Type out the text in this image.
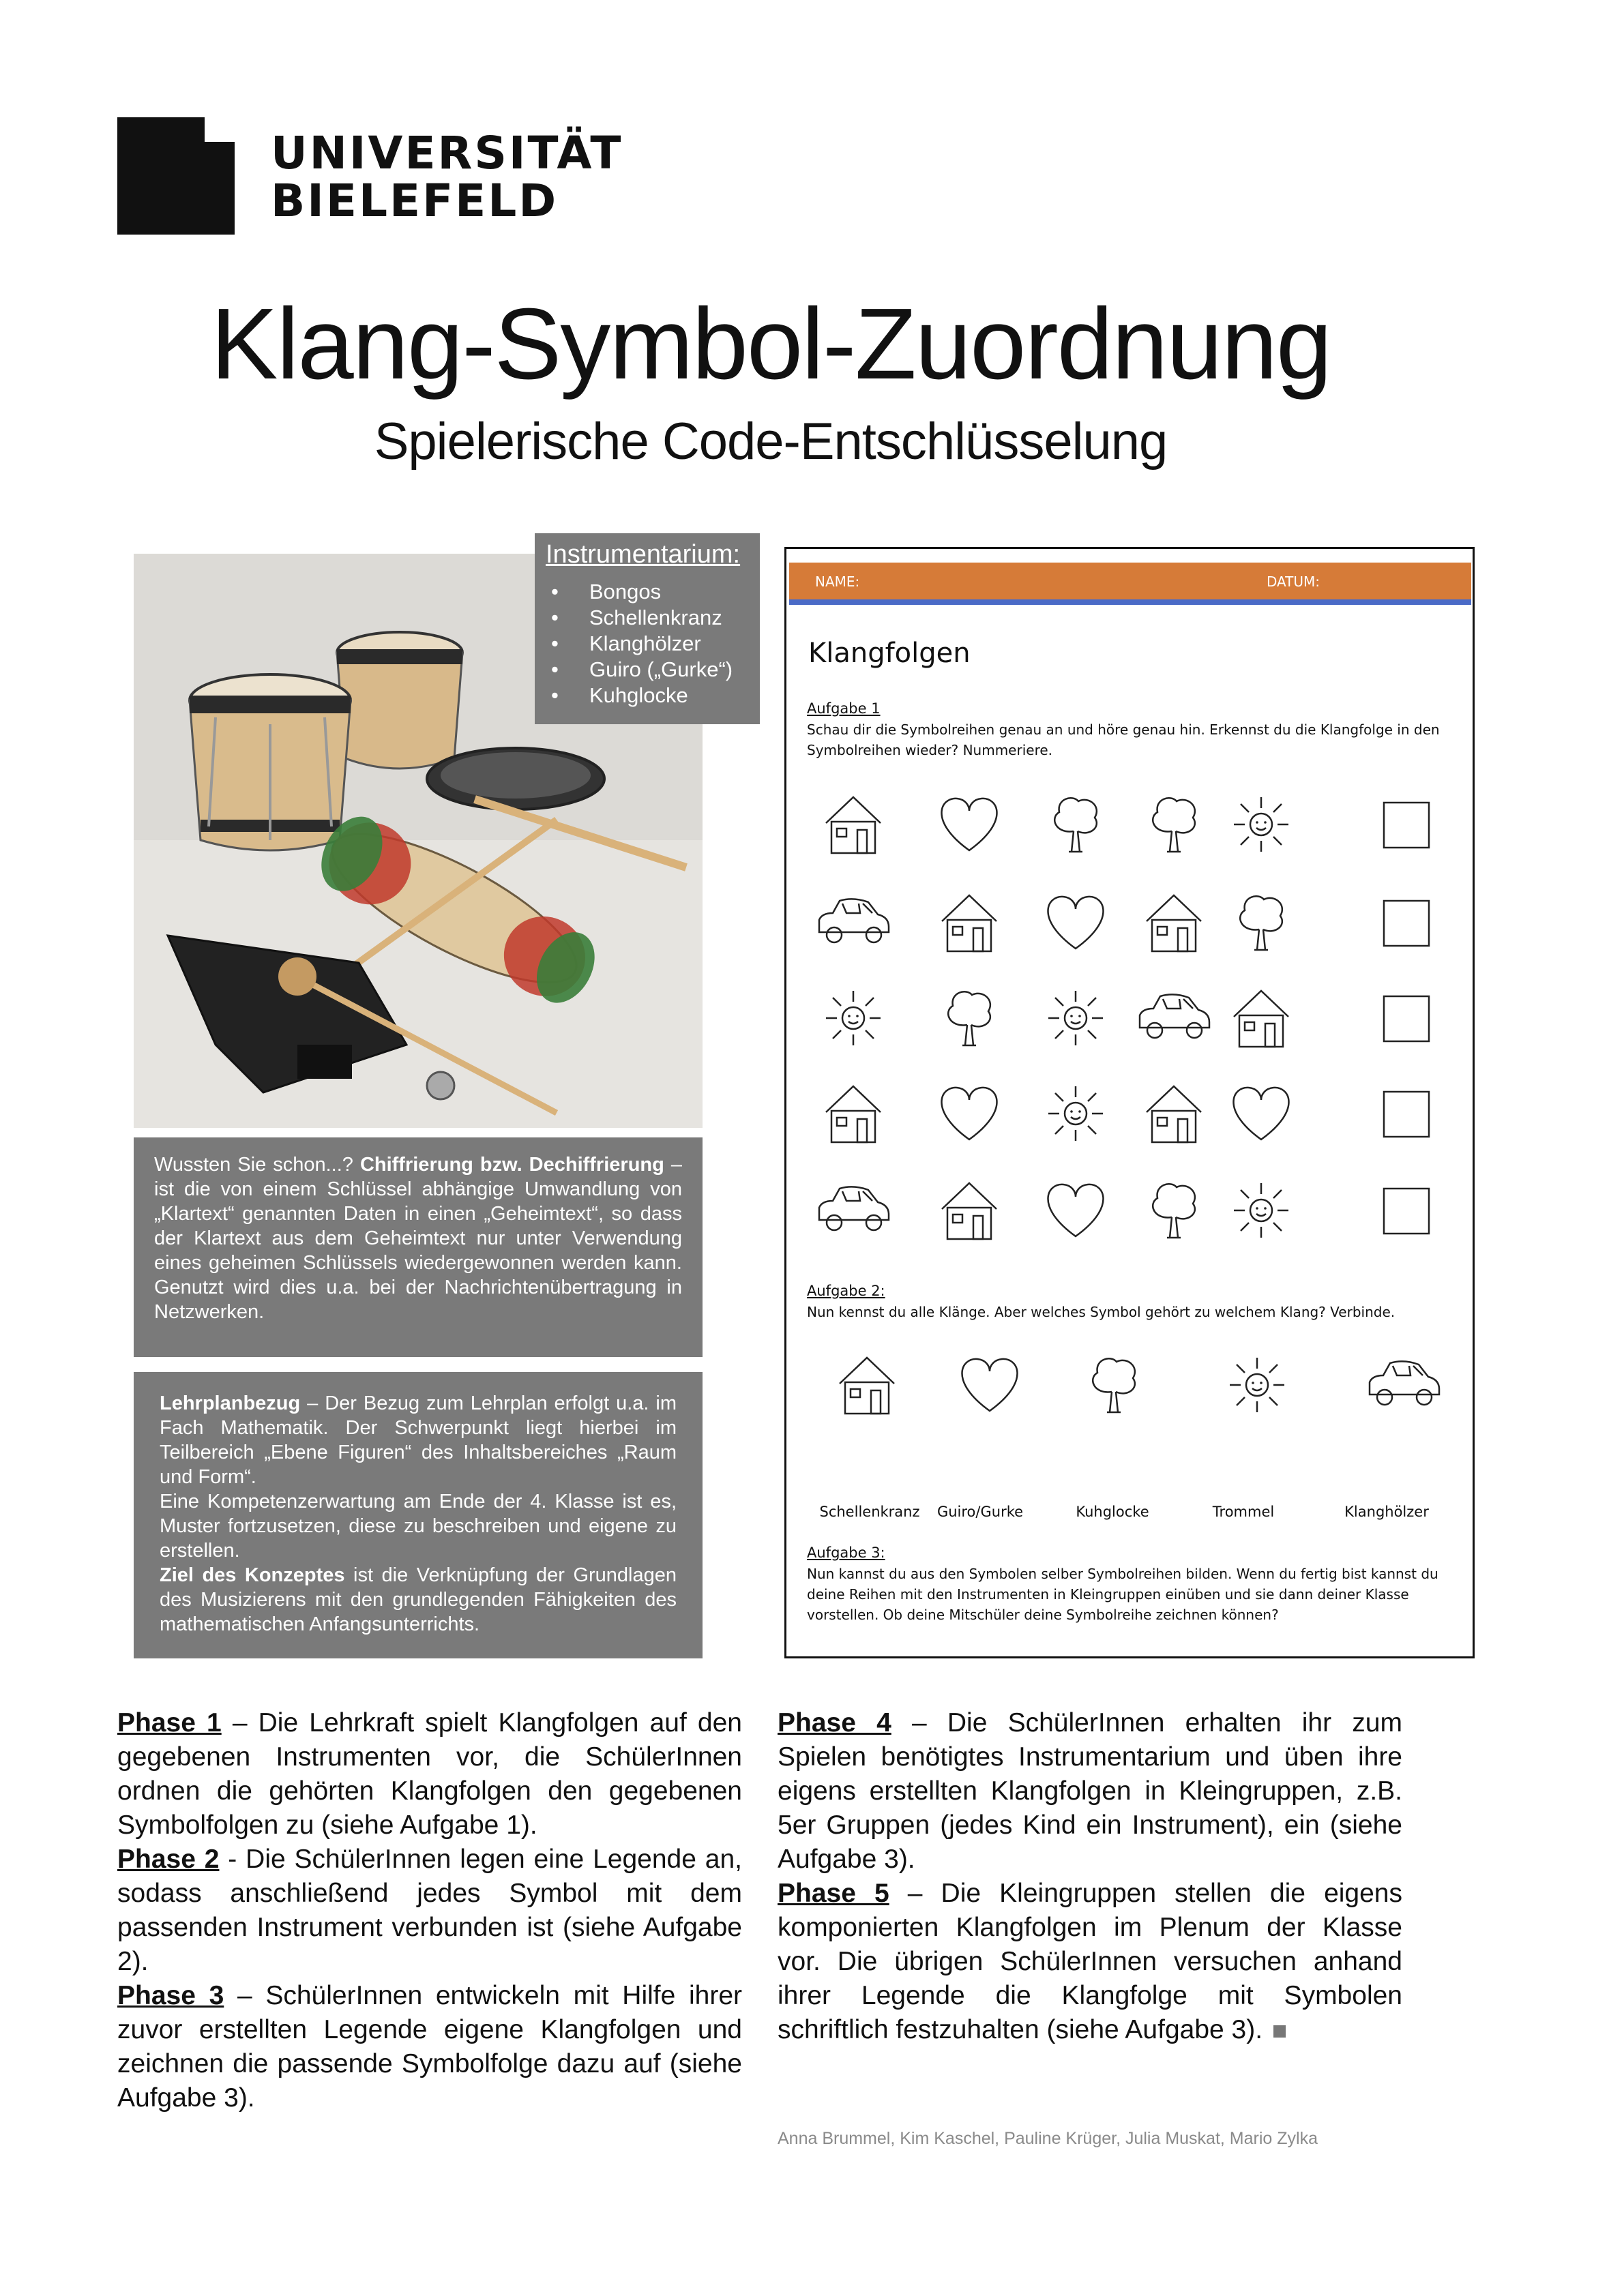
UNIVERSITÄT
BIELEFELD
Klang-Symbol-Zuordnung
Spielerische Code-Entschlüsselung
Instrumentarium:
• Bongos
• Schellenkranz
• Klanghölzer
• Guiro („Gurke“)
• Kuhglocke
Wussten Sie schon...? Chiffrierung bzw. Dechiffrierung – ist die von einem Schlüssel abhängige Umwandlung von „Klartext“ genannten Daten in einen „Geheimtext“, so dass der Klartext aus dem Geheimtext nur unter Verwendung eines geheimen Schlüssels wiedergewonnen werden kann. Genutzt wird dies u.a. bei der Nachrichtenübertragung in Netzwerken.
Lehrplanbezug – Der Bezug zum Lehrplan erfolgt u.a. im Fach Mathematik. Der Schwerpunkt liegt hierbei im Teilbereich „Ebene Figuren“ des Inhaltsbereiches „Raum und Form“.
Eine Kompetenzerwartung am Ende der 4. Klasse ist es, Muster fortzusetzen, diese zu beschreiben und eigene zu erstellen.
Ziel des Konzeptes ist die Verknüpfung der Grundlagen des Musizierens mit den grundlegenden Fähigkeiten des mathematischen Anfangsunterrichts.
NAME:	DATUM:
Klangfolgen
Aufgabe 1
Schau dir die Symbolreihen genau an und höre genau hin. Erkennst du die Klangfolge in den Symbolreihen wieder? Nummeriere.
Aufgabe 2:
Nun kennst du alle Klänge. Aber welches Symbol gehört zu welchem Klang? Verbinde.
Schellenkranz	Guiro/Gurke	Kuhglocke	Trommel	Klanghölzer
Aufgabe 3:
Nun kannst du aus den Symbolen selber Symbolreihen bilden. Wenn du fertig bist kannst du deine Reihen mit den Instrumenten in Kleingruppen einüben und sie dann deiner Klasse vorstellen. Ob deine Mitschüler deine Symbolreihe zeichnen können?
Phase 1 – Die Lehrkraft spielt Klangfolgen auf den gegebenen Instrumenten vor, die SchülerInnen ordnen die gehörten Klangfolgen den gegebenen Symbolfolgen zu (siehe Aufgabe 1).
Phase 2 - Die SchülerInnen legen eine Legende an, sodass anschließend jedes Symbol mit dem passenden Instrument verbunden ist (siehe Aufgabe 2).
Phase 3 – SchülerInnen entwickeln mit Hilfe ihrer zuvor erstellten Legende eigene Klangfolgen und zeichnen die passende Symbolfolge dazu auf (siehe Aufgabe 3).
Phase 4 – Die SchülerInnen erhalten ihr zum Spielen benötigtes Instrumentarium und üben ihre eigens erstellten Klangfolgen in Kleingruppen, z.B. 5er Gruppen (jedes Kind ein Instrument), ein (siehe Aufgabe 3).
Phase 5 – Die Kleingruppen stellen die eigens komponierten Klangfolgen im Plenum der Klasse vor. Die übrigen SchülerInnen versuchen anhand ihrer Legende die Klangfolge mit Symbolen schriftlich festzuhalten (siehe Aufgabe 3).
Anna Brummel, Kim Kaschel, Pauline Krüger, Julia Muskat, Mario Zylka
